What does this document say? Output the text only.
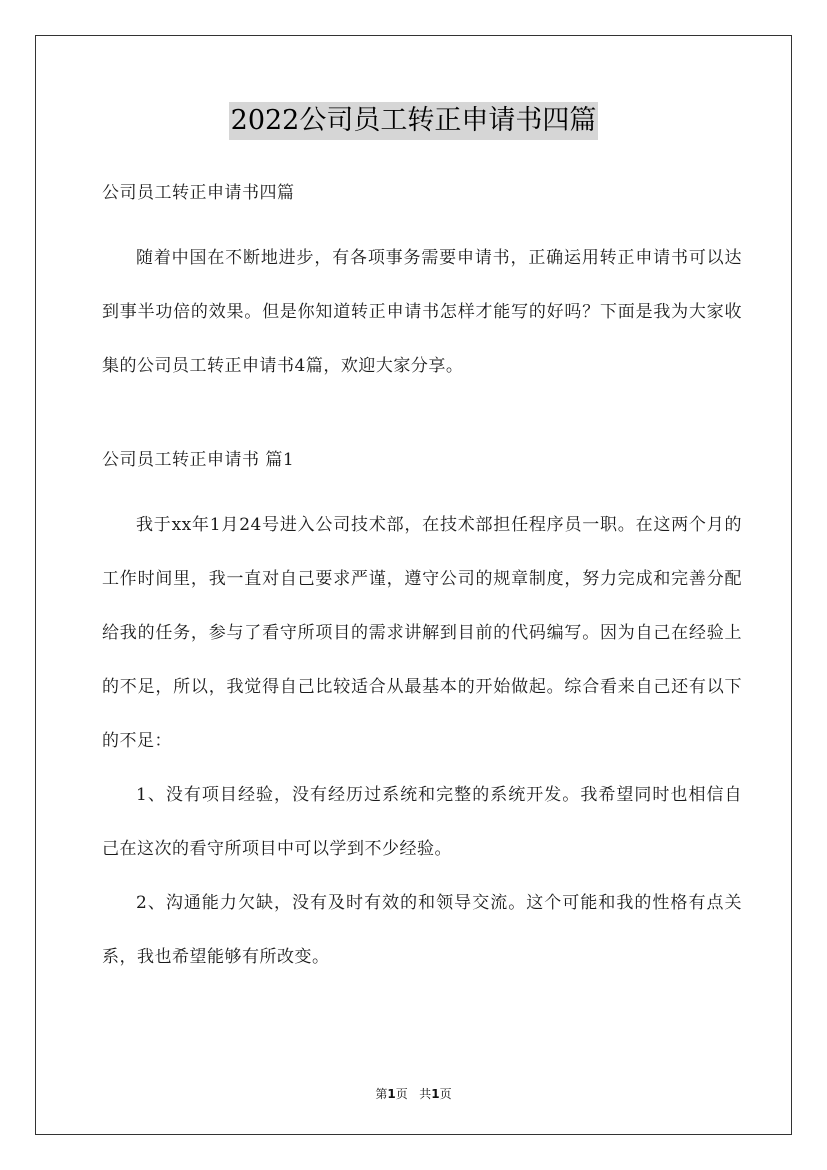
2022公司员工转正申请书四篇

公司员工转正申请书四篇

随着中国在不断地进步，有各项事务需要申请书，正确运用转正申请书可以达到事半功倍的效果。但是你知道转正申请书怎样才能写的好吗？下面是我为大家收集的公司员工转正申请书4篇，欢迎大家分享。

公司员工转正申请书 篇1

我于xx年1月24号进入公司技术部，在技术部担任程序员一职。在这两个月的工作时间里，我一直对自己要求严谨，遵守公司的规章制度，努力完成和完善分配给我的任务，参与了看守所项目的需求讲解到目前的代码编写。因为自己在经验上的不足，所以，我觉得自己比较适合从最基本的开始做起。综合看来自己还有以下的不足：

1、没有项目经验，没有经历过系统和完整的系统开发。我希望同时也相信自己在这次的看守所项目中可以学到不少经验。

2、沟通能力欠缺，没有及时有效的和领导交流。这个可能和我的性格有点关系，我也希望能够有所改变。

第1页 共1页
